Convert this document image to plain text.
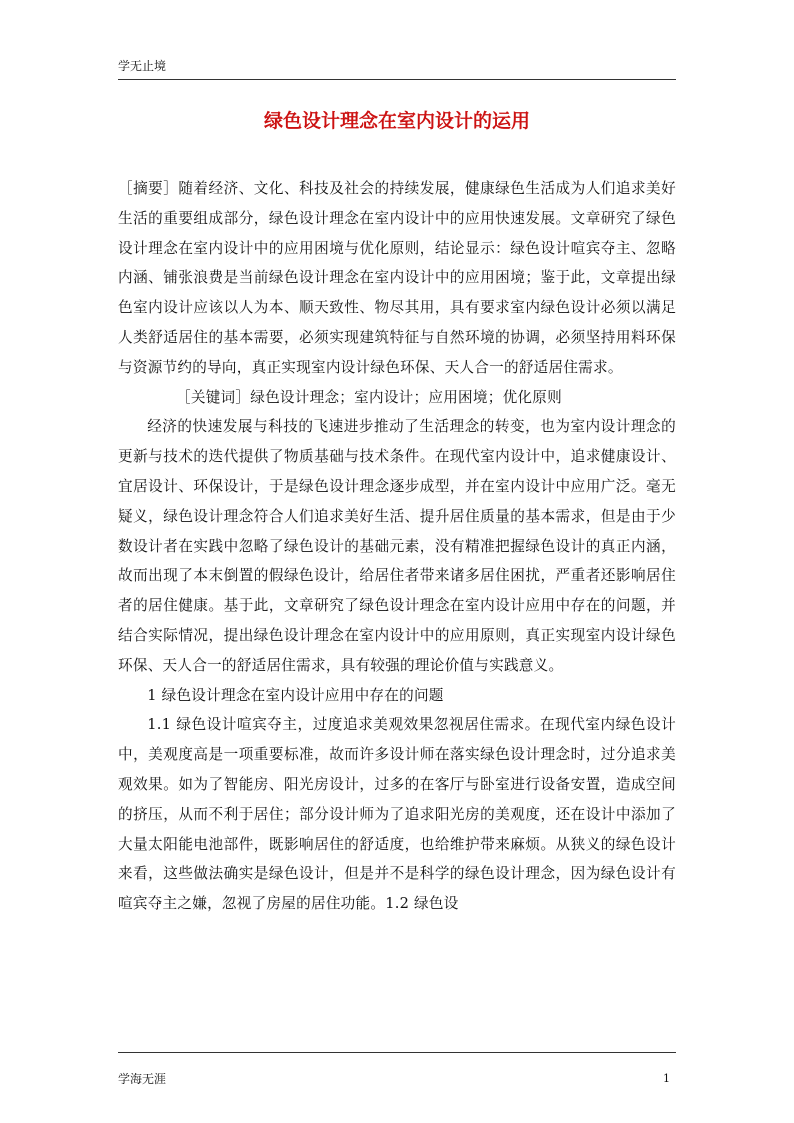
学无止境
绿色设计理念在室内设计的运用

［摘要］随着经济、文化、科技及社会的持续发展，健康绿色生活成为人们追求美好生活的重要组成部分，绿色设计理念在室内设计中的应用快速发展。文章研究了绿色设计理念在室内设计中的应用困境与优化原则，结论显示：绿色设计喧宾夺主、忽略内涵、铺张浪费是当前绿色设计理念在室内设计中的应用困境；鉴于此，文章提出绿色室内设计应该以人为本、顺天致性、物尽其用，具有要求室内绿色设计必须以满足人类舒适居住的基本需要，必须实现建筑特征与自然环境的协调，必须坚持用料环保与资源节约的导向，真正实现室内设计绿色环保、天人合一的舒适居住需求。

［关键词］绿色设计理念；室内设计；应用困境；优化原则

经济的快速发展与科技的飞速进步推动了生活理念的转变，也为室内设计理念的更新与技术的迭代提供了物质基础与技术条件。在现代室内设计中，追求健康设计、宜居设计、环保设计，于是绿色设计理念逐步成型，并在室内设计中应用广泛。毫无疑义，绿色设计理念符合人们追求美好生活、提升居住质量的基本需求，但是由于少数设计者在实践中忽略了绿色设计的基础元素，没有精准把握绿色设计的真正内涵，故而出现了本末倒置的假绿色设计，给居住者带来诸多居住困扰，严重者还影响居住者的居住健康。基于此，文章研究了绿色设计理念在室内设计应用中存在的问题，并结合实际情况，提出绿色设计理念在室内设计中的应用原则，真正实现室内设计绿色环保、天人合一的舒适居住需求，具有较强的理论价值与实践意义。

1 绿色设计理念在室内设计应用中存在的问题

1.1 绿色设计喧宾夺主，过度追求美观效果忽视居住需求。在现代室内绿色设计中，美观度高是一项重要标准，故而许多设计师在落实绿色设计理念时，过分追求美观效果。如为了智能房、阳光房设计，过多的在客厅与卧室进行设备安置，造成空间的挤压，从而不利于居住；部分设计师为了追求阳光房的美观度，还在设计中添加了大量太阳能电池部件，既影响居住的舒适度，也给维护带来麻烦。从狭义的绿色设计来看，这些做法确实是绿色设计，但是并不是科学的绿色设计理念，因为绿色设计有喧宾夺主之嫌，忽视了房屋的居住功能。1.2 绿色设

学海无涯	1
